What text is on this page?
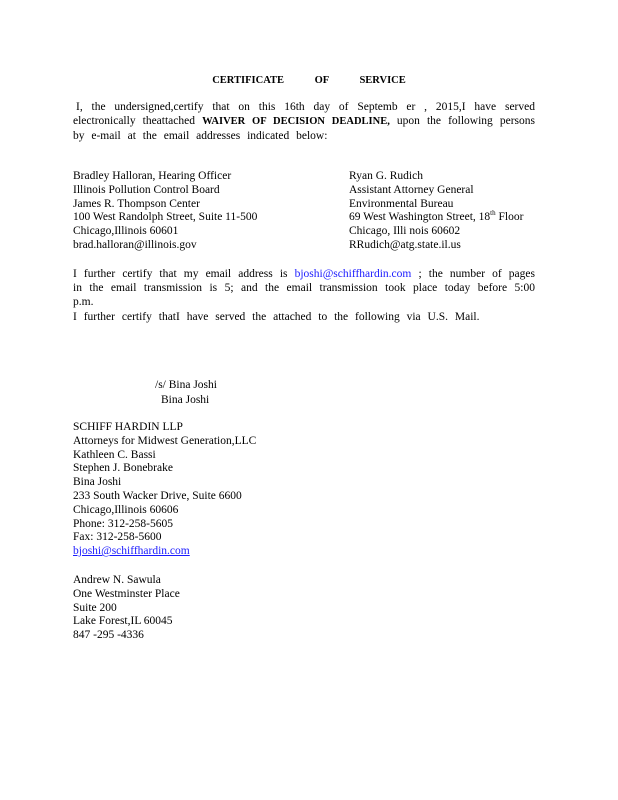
CERTIFICATE OF SERVICE
I, the undersigned,certify that on this 16th day of Septemb er , 2015,I have served electronically theattached WAIVER OF DECISION DEADLINE, upon the following persons by e-mail at the email addresses indicated below:
Bradley Halloran, Hearing Officer
Illinois Pollution Control Board
James R. Thompson Center
100 West Randolph Street, Suite 11-500
Chicago,Illinois 60601
brad.halloran@illinois.gov
Ryan G. Rudich
Assistant Attorney General
Environmental Bureau
69 West Washington Street, 18th Floor
Chicago, Illi nois 60602
RRudich@atg.state.il.us
I further certify that my email address is bjoshi@schiffhardin.com ; the number of pages in the email transmission is 5; and the email transmission took place today before 5:00 p.m.
I further certify thatI have served the attached to the following via U.S. Mail.
/s/ Bina Joshi
Bina Joshi
SCHIFF HARDIN LLP
Attorneys for Midwest Generation,LLC
Kathleen C. Bassi
Stephen J. Bonebrake
Bina Joshi
233 South Wacker Drive, Suite 6600
Chicago,Illinois 60606
Phone: 312-258-5605
Fax: 312-258-5600
bjoshi@schiffhardin.com
Andrew N. Sawula
One Westminster Place
Suite 200
Lake Forest,IL 60045
847 -295 -4336
